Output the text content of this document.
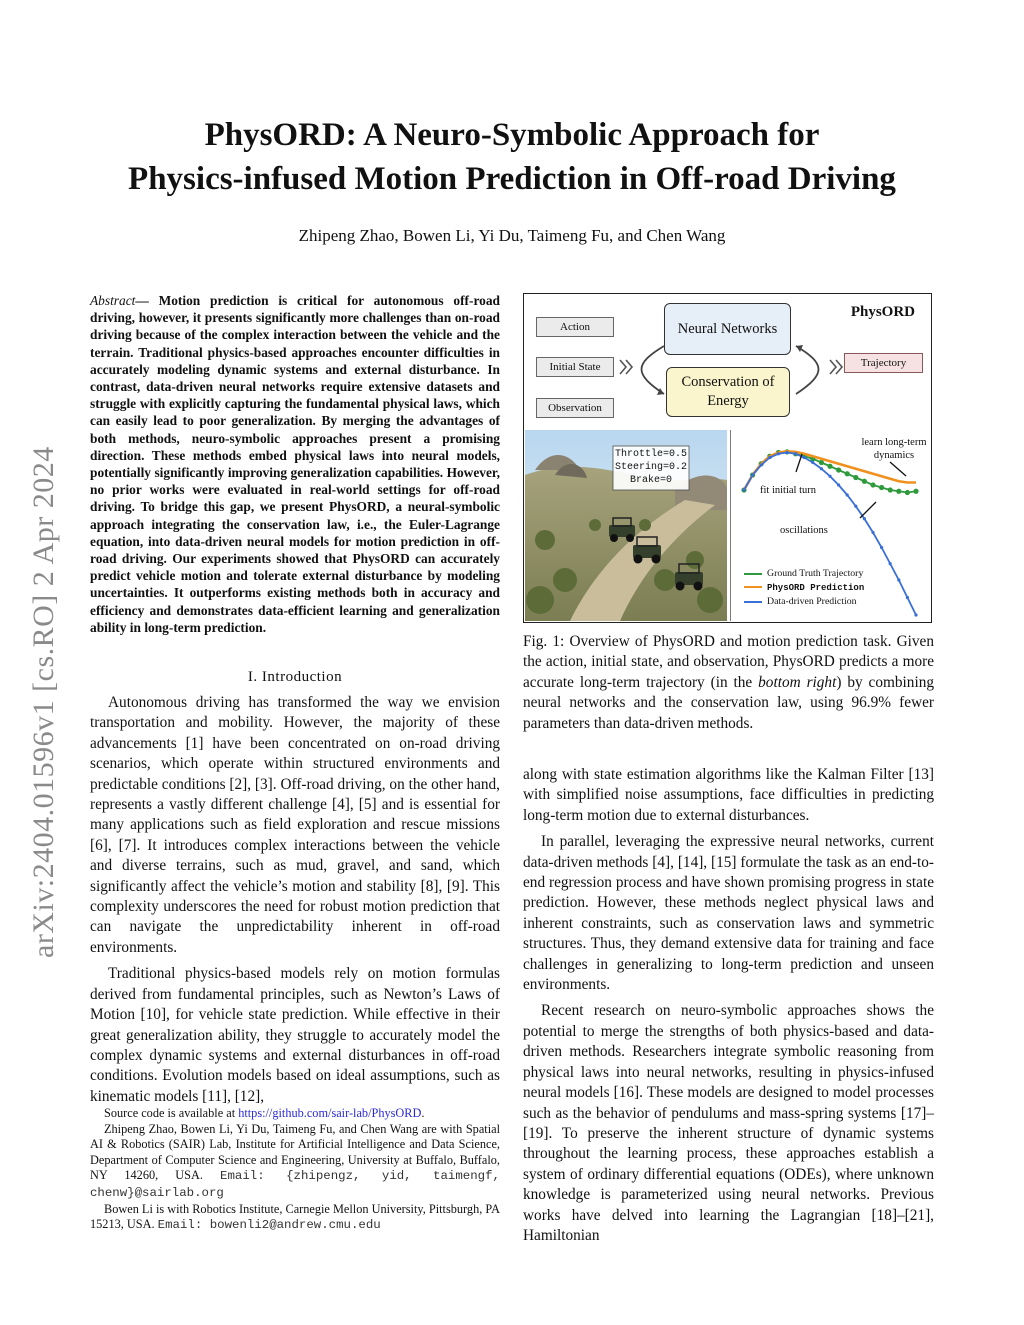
arXiv:2404.01596v1 [cs.RO] 2 Apr 2024
PhysORD: A Neuro-Symbolic Approach for
Physics-infused Motion Prediction in Off-road Driving
Zhipeng Zhao, Bowen Li, Yi Du, Taimeng Fu, and Chen Wang
Abstract— Motion prediction is critical for autonomous off-road driving, however, it presents significantly more challenges than on-road driving because of the complex interaction between the vehicle and the terrain. Traditional physics-based approaches encounter difficulties in accurately modeling dynamic systems and external disturbance. In contrast, data-driven neural networks require extensive datasets and struggle with explicitly capturing the fundamental physical laws, which can easily lead to poor generalization. By merging the advantages of both methods, neuro-symbolic approaches present a promising direction. These methods embed physical laws into neural models, potentially significantly improving generalization capabilities. However, no prior works were evaluated in real-world settings for off-road driving. To bridge this gap, we present PhysORD, a neural-symbolic approach integrating the conservation law, i.e., the Euler-Lagrange equation, into data-driven neural models for motion prediction in off-road driving. Our experiments showed that PhysORD can accurately predict vehicle motion and tolerate external disturbance by modeling uncertainties. It outperforms existing methods both in accuracy and efficiency and demonstrates data-efficient learning and generalization ability in long-term prediction.
I. Introduction

Autonomous driving has transformed the way we envision transportation and mobility. However, the majority of these advancements [1] have been concentrated on on-road driving scenarios, which operate within structured environments and predictable conditions [2], [3]. Off-road driving, on the other hand, represents a vastly different challenge [4], [5] and is essential for many applications such as field exploration and rescue missions [6], [7]. It introduces complex interactions between the vehicle and diverse terrains, such as mud, gravel, and sand, which significantly affect the vehicle’s motion and stability [8], [9]. This complexity underscores the need for robust motion prediction that can navigate the unpredictability inherent in off-road environments.

Traditional physics-based models rely on motion formulas derived from fundamental principles, such as Newton’s Laws of Motion [10], for vehicle state prediction. While effective in their great generalization ability, they struggle to accurately model the complex dynamic systems and external disturbances in off-road conditions. Evolution models based on ideal assumptions, such as kinematic models [11], [12],

Source code is available at https://github.com/sair-lab/PhysORD.

Zhipeng Zhao, Bowen Li, Yi Du, Taimeng Fu, and Chen Wang are with Spatial AI & Robotics (SAIR) Lab, Institute for Artificial Intelligence and Data Science, Department of Computer Science and Engineering, University at Buffalo, Buffalo, NY 14260, USA. Email: {zhipengz, yid, taimengf, chenw}@sairlab.org

Bowen Li is with Robotics Institute, Carnegie Mellon University, Pittsburgh, PA 15213, USA. Email: bowenli2@andrew.cmu.edu

PhysORD
Action
Initial State
Observation
Neural Networks
Conservation of
Energy
Trajectory
Throttle=0.5
Steering=0.2
Brake=0
learn long-term
dynamics
fit initial turn
oscillations
Ground Truth Trajectory
PhysORD Prediction
Data-driven Prediction
Fig. 1: Overview of PhysORD and motion prediction task. Given the action, initial state, and observation, PhysORD predicts a more accurate long-term trajectory (in the bottom right) by combining neural networks and the conservation law, using 96.9% fewer parameters than data-driven methods.

along with state estimation algorithms like the Kalman Filter [13] with simplified noise assumptions, face difficulties in predicting long-term motion due to external disturbances.

In parallel, leveraging the expressive neural networks, current data-driven methods [4], [14], [15] formulate the task as an end-to-end regression process and have shown promising progress in state prediction. However, these methods neglect physical laws and inherent constraints, such as conservation laws and symmetric structures. Thus, they demand extensive data for training and face challenges in generalizing to long-term prediction and unseen environments.

Recent research on neuro-symbolic approaches shows the potential to merge the strengths of both physics-based and data-driven methods. Researchers integrate symbolic reasoning from physical laws into neural networks, resulting in physics-infused neural models [16]. These models are designed to model processes such as the behavior of pendulums and mass-spring systems [17]–[19]. To preserve the inherent structure of dynamic systems throughout the learning process, these approaches establish a system of ordinary differential equations (ODEs), where unknown knowledge is parameterized using neural networks. Previous works have delved into learning the Lagrangian [18]–[21], Hamiltonian
